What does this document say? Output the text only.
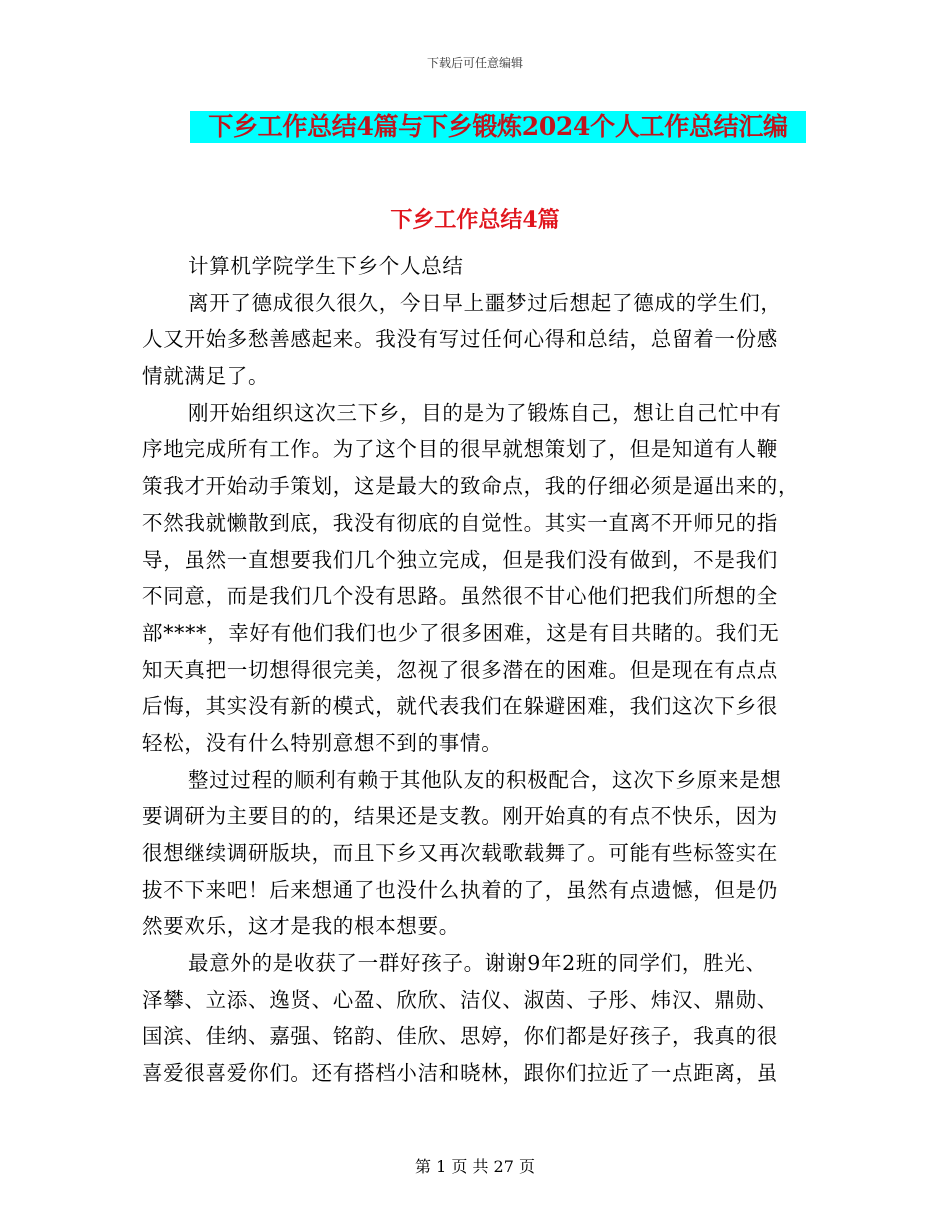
下载后可任意编辑
下乡工作总结4篇与下乡锻炼2024个人工作总结汇编
下乡工作总结4篇
计算机学院学生下乡个人总结
离开了德成很久很久，今日早上噩梦过后想起了德成的学生们，
人又开始多愁善感起来。我没有写过任何心得和总结，总留着一份感
情就满足了。
刚开始组织这次三下乡，目的是为了锻炼自己，想让自己忙中有
序地完成所有工作。为了这个目的很早就想策划了，但是知道有人鞭
策我才开始动手策划，这是最大的致命点，我的仔细必须是逼出来的，
不然我就懒散到底，我没有彻底的自觉性。其实一直离不开师兄的指
导，虽然一直想要我们几个独立完成，但是我们没有做到，不是我们
不同意，而是我们几个没有思路。虽然很不甘心他们把我们所想的全
部****，幸好有他们我们也少了很多困难，这是有目共睹的。我们无
知天真把一切想得很完美，忽视了很多潜在的困难。但是现在有点点
后悔，其实没有新的模式，就代表我们在躲避困难，我们这次下乡很
轻松，没有什么特别意想不到的事情。
整过过程的顺利有赖于其他队友的积极配合，这次下乡原来是想
要调研为主要目的的，结果还是支教。刚开始真的有点不快乐，因为
很想继续调研版块，而且下乡又再次载歌载舞了。可能有些标签实在
拔不下来吧！后来想通了也没什么执着的了，虽然有点遗憾，但是仍
然要欢乐，这才是我的根本想要。
最意外的是收获了一群好孩子。谢谢9年2班的同学们，胜光、
泽攀、立添、逸贤、心盈、欣欣、洁仪、淑茵、子彤、炜汉、鼎勋、
国滨、佳纳、嘉强、铭韵、佳欣、思婷，你们都是好孩子，我真的很
喜爱很喜爱你们。还有搭档小洁和晓林，跟你们拉近了一点距离，虽
第 1 页 共 27 页
